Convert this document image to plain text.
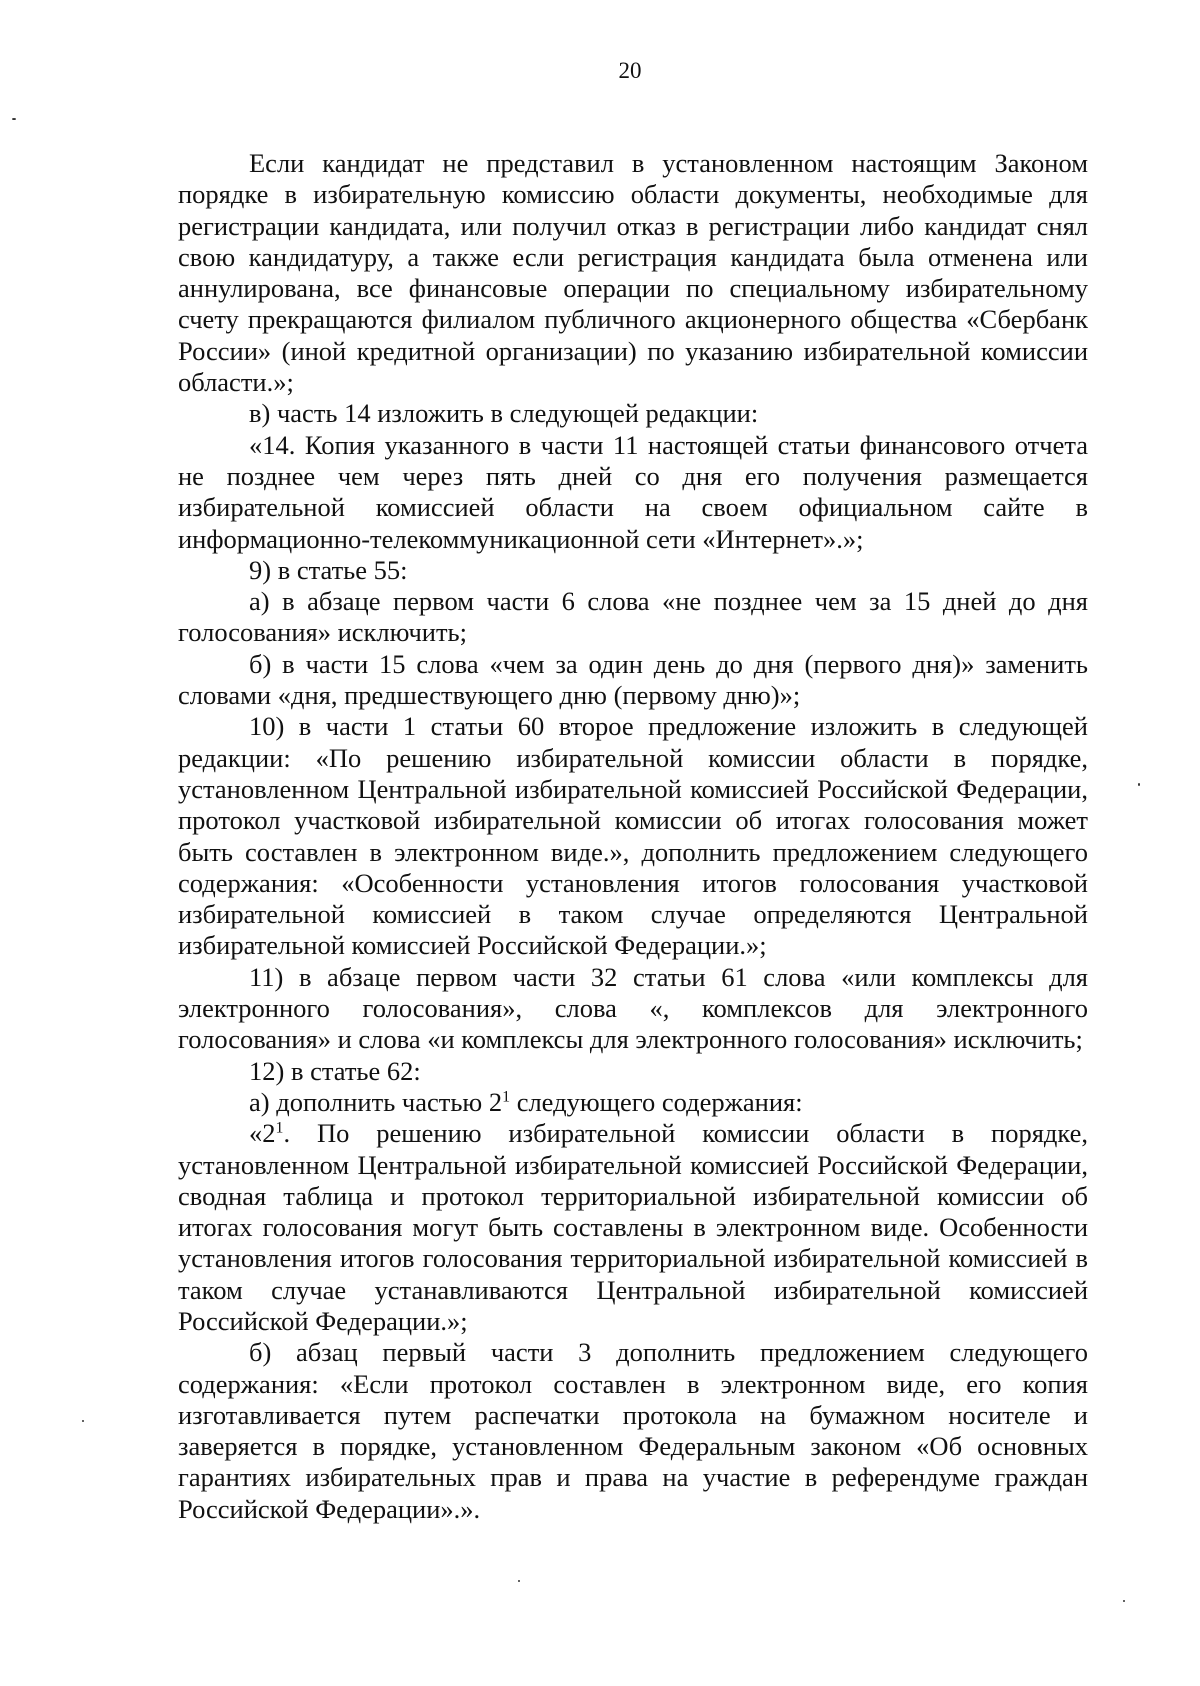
20

Если кандидат не представил в установленном настоящим Законом порядке в избирательную комиссию области документы, необходимые для регистрации кандидата, или получил отказ в регистрации либо кандидат снял свою кандидатуру, а также если регистрация кандидата была отменена или аннулирована, все финансовые операции по специальному избирательному счету прекращаются филиалом публичного акционерного общества «Сбербанк России» (иной кредитной организации) по указанию избирательной комиссии области.»;

в) часть 14 изложить в следующей редакции:

«14. Копия указанного в части 11 настоящей статьи финансового отчета не позднее чем через пять дней со дня его получения размещается избирательной комиссией области на своем официальном сайте в информационно-телекоммуникационной сети «Интернет».»;

9) в статье 55:

а) в абзаце первом части 6 слова «не позднее чем за 15 дней до дня голосования» исключить;

б) в части 15 слова «чем за один день до дня (первого дня)» заменить словами «дня, предшествующего дню (первому дню)»;

10) в части 1 статьи 60 второе предложение изложить в следующей редакции: «По решению избирательной комиссии области в порядке, установленном Центральной избирательной комиссией Российской Федерации, протокол участковой избирательной комиссии об итогах голосования может быть составлен в электронном виде.», дополнить предложением следующего содержания: «Особенности установления итогов голосования участковой избирательной комиссией в таком случае определяются Центральной избирательной комиссией Российской Федерации.»;

11) в абзаце первом части 32 статьи 61 слова «или комплексы для электронного голосования», слова «, комплексов для электронного голосования» и слова «и комплексы для электронного голосования» исключить;

12) в статье 62:

а) дополнить частью $2^1$ следующего содержания:

«$2^1$. По решению избирательной комиссии области в порядке, установленном Центральной избирательной комиссией Российской Федерации, сводная таблица и протокол территориальной избирательной комиссии об итогах голосования могут быть составлены в электронном виде. Особенности установления итогов голосования территориальной избирательной комиссией в таком случае устанавливаются Центральной избирательной комиссией Российской Федерации.»;

б) абзац первый части 3 дополнить предложением следующего содержания: «Если протокол составлен в электронном виде, его копия изготавливается путем распечатки протокола на бумажном носителе и заверяется в порядке, установленном Федеральным законом «Об основных гарантиях избирательных прав и права на участие в референдуме граждан Российской Федерации».».
